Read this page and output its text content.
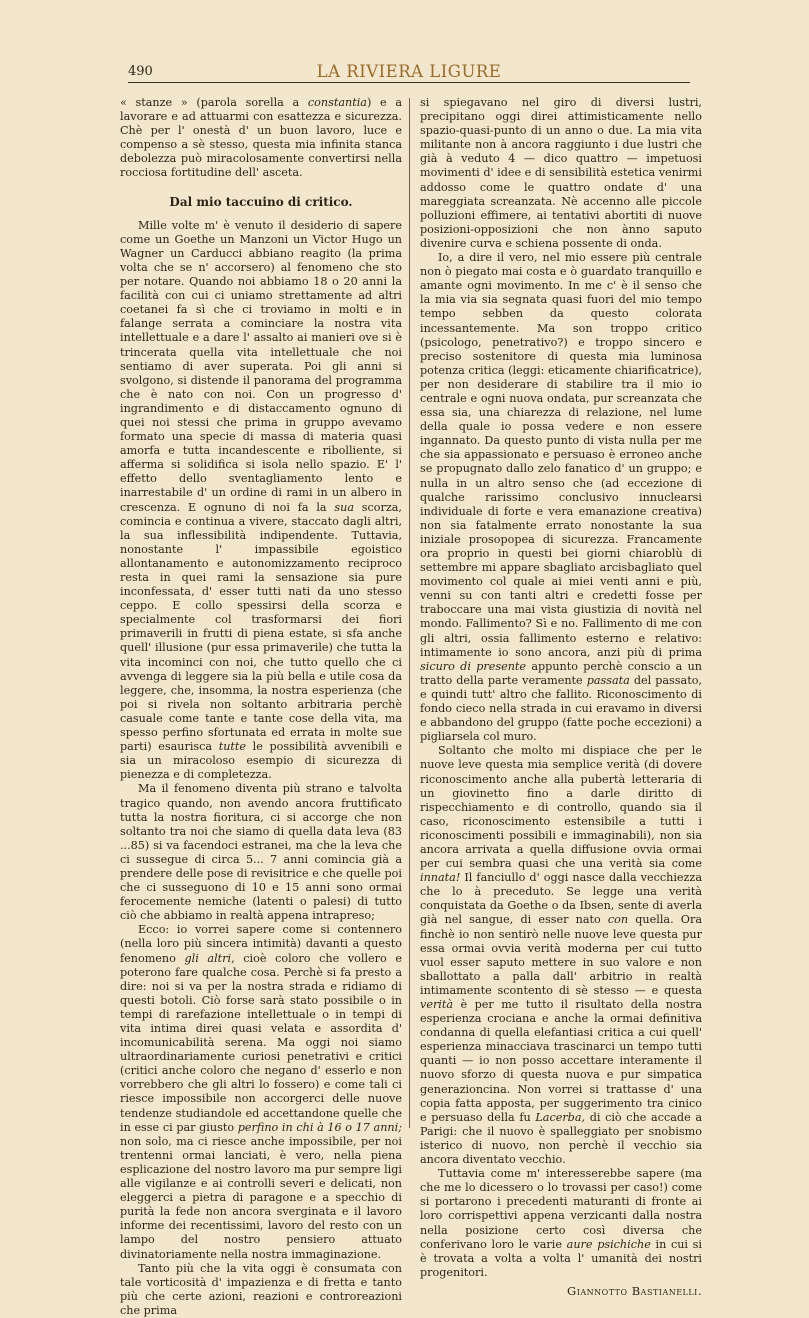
490	LA RIVIERA LIGURE

« stanze » (parola sorella a constantia) e a lavorare e ad attuarmi con esattezza e sicurezza. Chè per l' onestà d' un buon lavoro, luce e compenso a sè stesso, questa mia infinita stanca debolezza può miracolosamente convertirsi nella rocciosa fortitudine dell' asceta.

Dal mio taccuino di critico.

Mille volte m' è venuto il desiderio di sapere come un Goethe un Manzoni un Victor Hugo un Wagner un Carducci abbiano reagito (la prima volta che se n' accorsero) al fenomeno che sto per notare. Quando noi abbiamo 18 o 20 anni la facilità con cui ci uniamo strettamente ad altri coetanei fa sì che ci troviamo in molti e in falange serrata a cominciare la nostra vita intellettuale e a dare l' assalto ai manieri ove si è trincerata quella vita intellettuale che noi sentiamo di aver superata. Poi gli anni si svolgono, si distende il panorama del programma che è nato con noi. Con un progresso d' ingrandimento e di distaccamento ognuno di quei noi stessi che prima in gruppo avevamo formato una specie di massa di materia quasi amorfa e tutta incandescente e ribolliente, si afferma si solidifica si isola nello spazio. E' l' effetto dello sventagliamento lento e inarrestabile d' un ordine di rami in un albero in crescenza. E ognuno di noi fa la sua scorza, comincia e continua a vivere, staccato dagli altri, la sua inflessibilità indipendente. Tuttavia, nonostante l' impassibile egoistico allontanamento e autonomizzamento reciproco resta in quei rami la sensazione sia pure inconfessata, d' esser tutti nati da uno stesso ceppo. E collo spessirsi della scorza e specialmente col trasformarsi dei fiori primaverili in frutti di piena estate, si sfa anche quell' illusione (pur essa primaverile) che tutta la vita incominci con noi, che tutto quello che ci avvenga di leggere sia la più bella e utile cosa da leggere, che, insomma, la nostra esperienza (che poi si rivela non soltanto arbitraria perchè casuale come tante e tante cose della vita, ma spesso perfino sfortunata ed errata in molte sue parti) esaurisca tutte le possibilità avvenibili e sia un miracoloso esempio di sicurezza di pienezza e di completezza.

Ma il fenomeno diventa più strano e talvolta tragico quando, non avendo ancora fruttificato tutta la nostra fioritura, ci si accorge che non soltanto tra noi che siamo di quella data leva (83 ...85) si va facendoci estranei, ma che la leva che ci sussegue di circa 5... 7 anni comincia già a prendere delle pose di revisitrice e che quelle poi che ci susseguono di 10 e 15 anni sono ormai ferocemente nemiche (latenti o palesi) di tutto ciò che abbiamo in realtà appena intrapreso;

Ecco: io vorrei sapere come si contennero (nella loro più sincera intimità) davanti a questo fenomeno gli altri, cioè coloro che vollero e poterono fare qualche cosa. Perchè si fa presto a dire: noi si va per la nostra strada e ridiamo di questi botoli. Ciò forse sarà stato possibile o in tempi di rarefazione intellettuale o in tempi di vita intima direi quasi velata e assordita d' incomunicabilità serena. Ma oggi noi siamo ultraordinariamente curiosi penetrativi e critici (critici anche coloro che negano d' esserlo e non vorrebbero che gli altri lo fossero) e come tali ci riesce impossibile non accorgerci delle nuove tendenze studiandole ed accettandone quelle che in esse ci par giusto perfino in chi à 16 o 17 anni; non solo, ma ci riesce anche impossibile, per noi trentenni ormai lanciati, è vero, nella piena esplicazione del nostro lavoro ma pur sempre ligi alle vigilanze e ai controlli severi e delicati, non eleggerci a pietra di paragone e a specchio di purità la fede non ancora sverginata e il lavoro informe dei recentissimi, lavoro del resto con un lampo del nostro pensiero attuato divinatoriamente nella nostra immaginazione.

Tanto più che la vita oggi è consumata con tale vorticosità d' impazienza e di fretta e tanto più che certe azioni, reazioni e controreazioni che prima

si spiegavano nel giro di diversi lustri, precipitano oggi direi attimisticamente nello spazio-quasi-punto di un anno o due. La mia vita militante non à ancora raggiunto i due lustri che già à veduto 4 — dico quattro — impetuosi movimenti d' idee e di sensibilità estetica venirmi addosso come le quattro ondate d' una mareggiata screanzata. Nè accenno alle piccole polluzioni effimere, ai tentativi abortiti di nuove posizioni-opposizioni che non ànno saputo divenire curva e schiena possente di onda.

Io, a dire il vero, nel mio essere più centrale non ò piegato mai costa e ò guardato tranquillo e amante ogni movimento. In me c' è il senso che la mia via sia segnata quasi fuori del mio tempo tempo sebben da questo colorata incessantemente. Ma son troppo critico (psicologo, penetrativo?) e troppo sincero e preciso sostenitore di questa mia luminosa potenza critica (leggi: eticamente chiarificatrice), per non desiderare di stabilire tra il mio io centrale e ogni nuova ondata, pur screanzata che essa sia, una chiarezza di relazione, nel lume della quale io possa vedere e non essere ingannato. Da questo punto di vista nulla per me che sia appassionato e persuaso è erroneo anche se propugnato dallo zelo fanatico d' un gruppo; e nulla in un altro senso che (ad eccezione di qualche rarissimo conclusivo innuclearsi individuale di forte e vera emanazione creativa) non sia fatalmente errato nonostante la sua iniziale prosopopea di sicurezza. Francamente ora proprio in questi bei giorni chiaroblù di settembre mi appare sbagliato arcisbagliato quel movimento col quale ai miei venti anni e più, venni su con tanti altri e credetti fosse per traboccare una mai vista giustizia di novità nel mondo. Fallimento? Sì e no. Fallimento di me con gli altri, ossia fallimento esterno e relativo: intimamente io sono ancora, anzi più di prima sicuro di presente appunto perchè conscio a un tratto della parte veramente passata del passato, e quindi tutt' altro che fallito. Riconoscimento di fondo cieco nella strada in cui eravamo in diversi e abbandono del gruppo (fatte poche eccezioni) a pigliarsela col muro.

Soltanto che molto mi dispiace che per le nuove leve questa mia semplice verità (di dovere riconoscimento anche alla pubertà letteraria di un giovinetto fino a darle diritto di rispecchiamento e di controllo, quando sia il caso, riconoscimento estensibile a tutti i riconoscimenti possibili e immaginabili), non sia ancora arrivata a quella diffusione ovvia ormai per cui sembra quasi che una verità sia come innata! Il fanciullo d' oggi nasce dalla vecchiezza che lo à preceduto. Se legge una verità conquistata da Goethe o da Ibsen, sente di averla già nel sangue, di esser nato con quella. Ora finchè io non sentirò nelle nuove leve questa pur essa ormai ovvia verità moderna per cui tutto vuol esser saputo mettere in suo valore e non sballottato a palla dall' arbitrio in realtà intimamente scontento di sè stesso — e questa verità è per me tutto il risultato della nostra esperienza crociana e anche la ormai definitiva condanna di quella elefantiasi critica a cui quell' esperienza minacciava trascinarci un tempo tutti quanti — io non posso accettare interamente il nuovo sforzo di questa nuova e pur simpatica generazioncina. Non vorrei si trattasse d' una copia fatta apposta, per suggerimento tra cinico e persuaso della fu Lacerba, di ciò che accade a Parigi: che il nuovo è spalleggiato per snobismo isterico di nuovo, non perchè il vecchio sia ancora diventato vecchio.

Tuttavia come m' interesserebbe sapere (ma che me lo dicessero o lo trovassi per caso!) come si portarono i precedenti maturanti di fronte ai loro corrispettivi appena verzicanti dalla nostra nella posizione certo così diversa che conferivano loro le varie aure psichiche in cui si è trovata a volta a volta l' umanità dei nostri progenitori.

Giannotto Bastianelli.
